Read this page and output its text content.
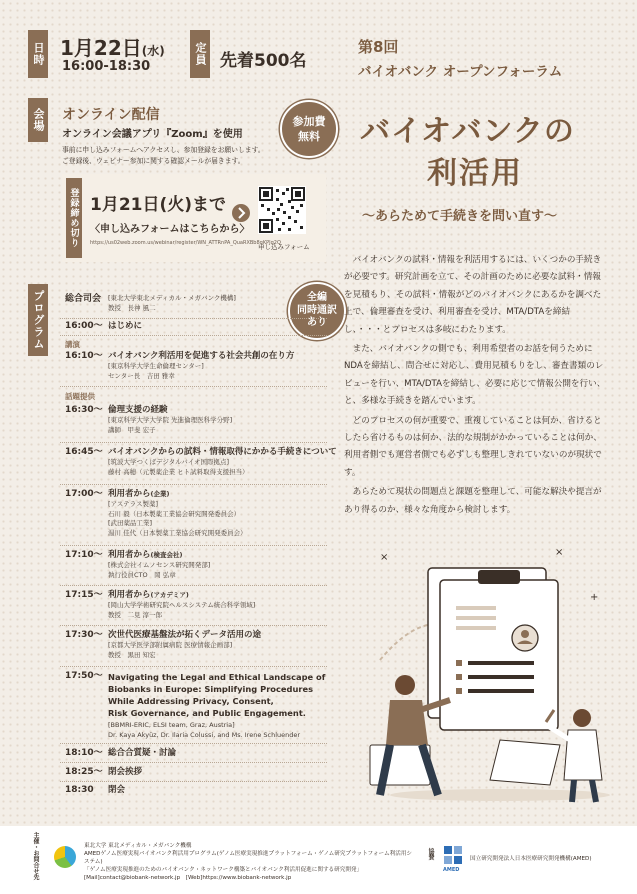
日時 1月22日(水)
16:00-18:30
定員 先着500名
第8回
バイオバンク オープンフォーラム
会場 オンライン配信
オンライン会議アプリ『Zoom』を使用
事前に申し込みフォームへアクセスし、参加登録をお願いします。
ご登録後、ウェビナー参加に関する確認メールが届きます。
参加費
無料 バイオバンクの
利活用
〜あらためて手続きを問い直す〜
登録締め切り 1月21日(火)まで
〈申し込みフォームはこちらから〉
https://us02web.zoom.us/webinar/register/WN_ATTRnPA_QuaRXBb8qKPJq2Q
申し込みフォーム
プログラム	全編
同時通訳
あり
総合司会	[東北大学東北メディカル・メガバンク機構]
教授　長神 風二
16:00〜 はじめに
講演
16:10〜 バイオバンク利活用を促進する社会共創の在り方
[東京科学大学生命倫理センター]
センター長　吉田 雅幸
話題提供
16:30〜 倫理支援の経験
[東京科学大学大学院 先進倫理医科学分野]
講師　甲斐 宏子
16:45〜 バイオバンクからの試料・情報取得にかかる手続きについて
[筑波大学つくばデジタルバイオ国際拠点]
藤村 高穂（元製薬企業 ヒト試料取得支援担当）
17:00〜 利用者から(企業)
[アステラス製薬]
石川 毅（日本製薬工業協会研究開発委員会）
[武田薬品工業]
湯川 佳代（日本製薬工業協会研究開発委員会）
17:10〜 利用者から(検査会社)
[株式会社イムノセンス研究開発部]
執行役員CTO　岡 弘章
17:15〜 利用者から(アカデミア)
[岡山大学学術研究院ヘルスシステム統合科学領域]
教授　二見 淳一郎
17:30〜 次世代医療基盤法が拓くデータ活用の途
[京都大学医学部附属病院 医療情報企画部]
教授　黒田 知宏
17:50〜 Navigating the Legal and Ethical Landscape of
Biobanks in Europe: Simplifying Procedures
While Addressing Privacy, Consent,
Risk Governance, and Public Engagement.
[BBMRI-ERIC, ELSI team, Graz, Austria]
Dr. Kaya Akyüz, Dr. Ilaria Colussi, and Ms. Irene Schluender
18:10〜 総合合質疑・討論
18:25〜 閉会挨拶
18:30	閉会

バイオバンクの試料・情報を利活用するには、いくつかの手続きが必要です。研究計画を立て、その計画のために必要な試料・情報を見積もり、その試料・情報がどのバイオバンクにあるかを調べた上で、倫理審査を受け、利用審査を受け、MTA/DTAを締結し、・・・とプロセスは多岐にわたります。

また、バイオバンクの側でも、利用希望者のお話を伺うためにNDAを締結し、問合せに対応し、費用見積もりをし、審査書類のレビューを行い、MTA/DTAを締結し、必要に応じて情報公開を行い、と、多様な手続きを踏んでいます。

どのプロセスの何が重要で、重複していることは何か、省けるとしたら省けるものは何か、法的な規制がかかっていることは何か、利用者側でも運営者側でも必ずしも整理しきれていないのが現状です。

あらためて現状の問題点と課題を整理して、可能な解決や提言があり得るのか、様々な角度から検討します。

×	×
+
主催・お問合せ先	東北大学 東北メディカル・メガバンク機構
AMEDゲノム医療実現バイオバンク利活用プログラム(ゲノム医療実現推進プラットフォーム・ゲノム研究プラットフォーム利活用システム)
「ゲノム医療実現推進のためのバイオバンク・ネットワーク構築とバイオバンク利活用促進に関する研究開発」
[Mail]contact@biobank-network.jp　[Web]https://www.biobank-network.jp
協賛
AMED
国立研究開発法人日本医療研究開発機構(AMED)
